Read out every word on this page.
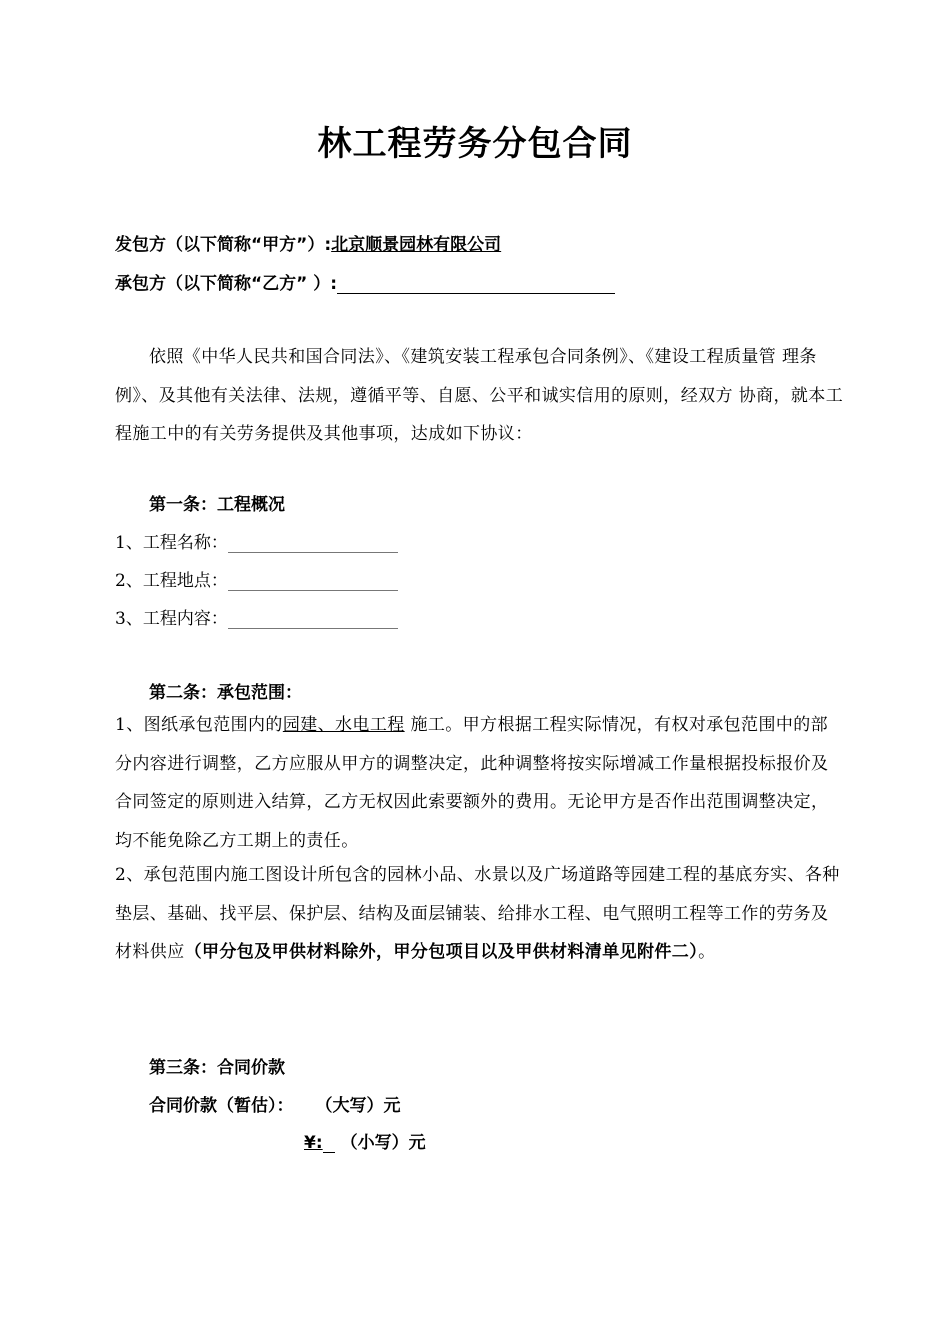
林工程劳务分包合同
发包方（以下简称“甲方”）:北京顺景园林有限公司
承包方（以下简称“乙方” ）:
依照《中华人民共和国合同法》、《建筑安装工程承包合同条例》、《建设工程质量管 理条例》、及其他有关法律、法规，遵循平等、自愿、公平和诚实信用的原则，经双方 协商，就本工程施工中的有关劳务提供及其他事项，达成如下协议：
第一条：工程概况
1、工程名称：
2、工程地点：
3、工程内容：
第二条：承包范围：
1、图纸承包范围内的园建、水电工程 施工。甲方根据工程实际情况，有权对承包范围中的部分内容进行调整，乙方应服从甲方的调整决定，此种调整将按实际增减工作量根据投标报价及合同签定的原则进入结算，乙方无权因此索要额外的费用。无论甲方是否作出范围调整决定，均不能免除乙方工期上的责任。
2、承包范围内施工图设计所包含的园林小品、水景以及广场道路等园建工程的基底夯实、各种垫层、基础、找平层、保护层、结构及面层铺装、给排水工程、电气照明工程等工作的劳务及材料供应（甲分包及甲供材料除外，甲分包项目以及甲供材料清单见附件二）。
第三条：合同价款
合同价款（暂估）： （大写）元
¥: （小写）元
